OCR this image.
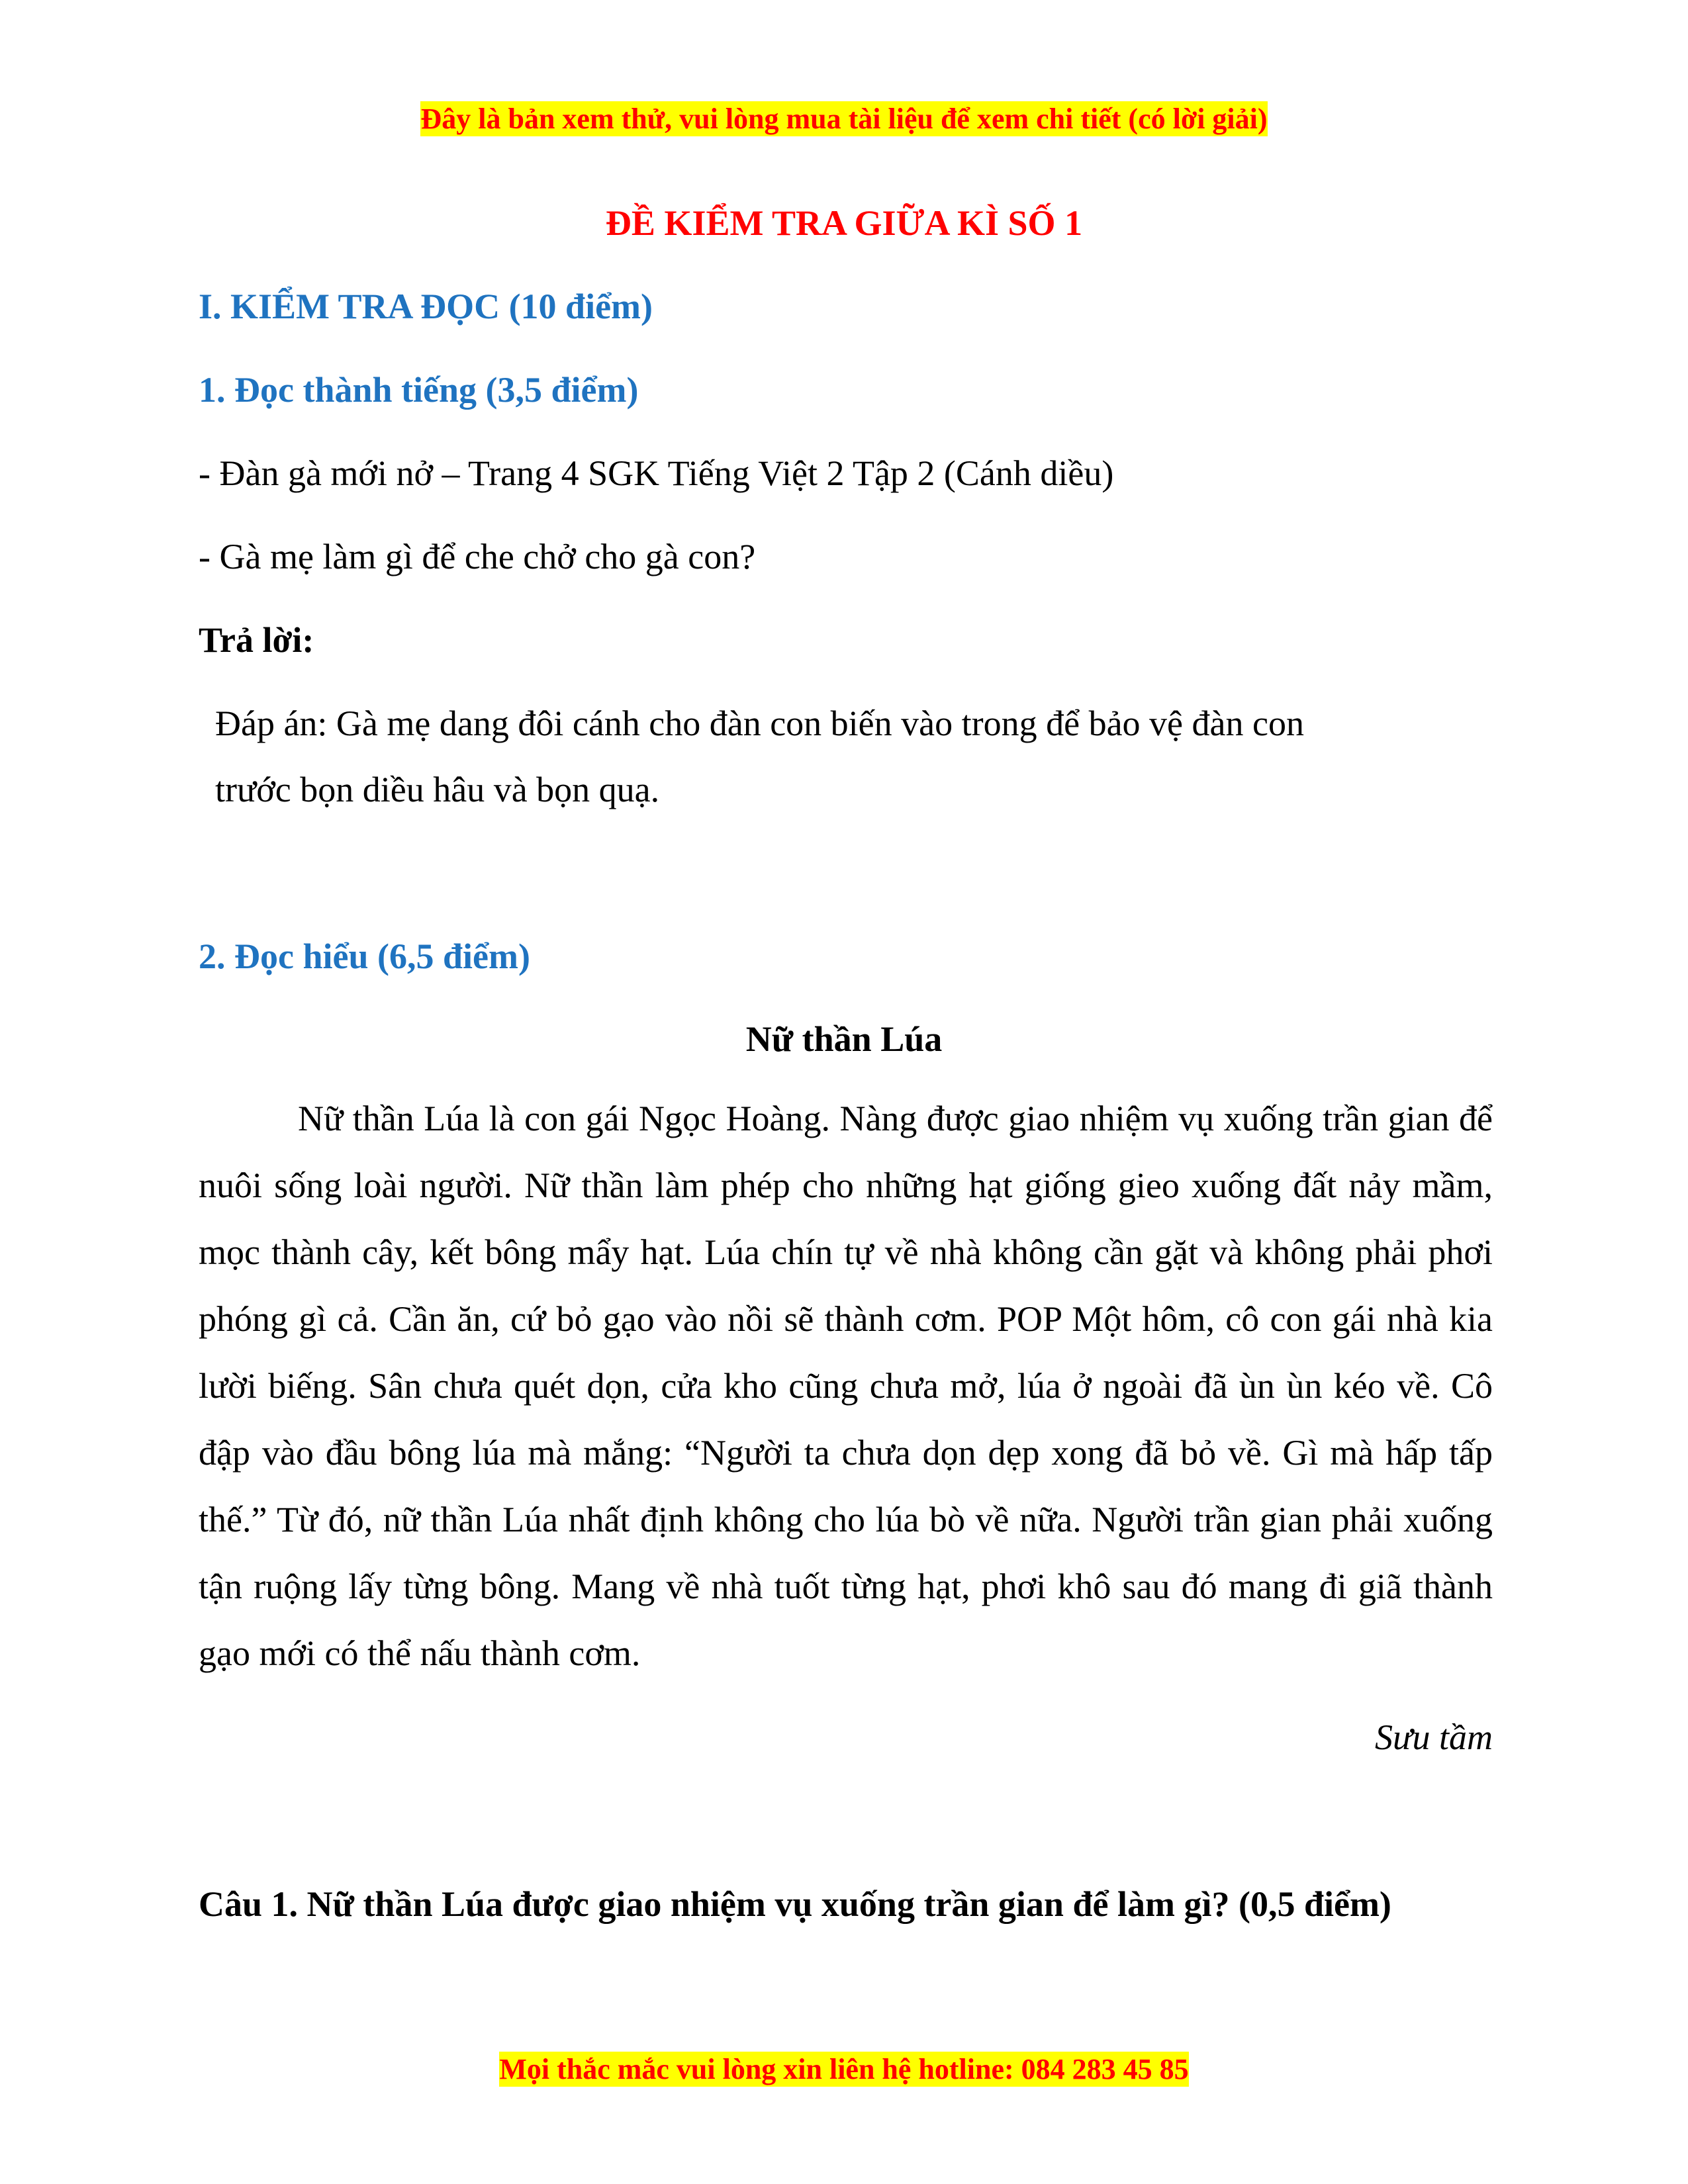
Đây là bản xem thử, vui lòng mua tài liệu để xem chi tiết (có lời giải)
ĐỀ KIỂM TRA GIỮA KÌ SỐ 1
I. KIỂM TRA ĐỌC (10 điểm)
1. Đọc thành tiếng (3,5 điểm)
- Đàn gà mới nở – Trang 4 SGK Tiếng Việt 2 Tập 2 (Cánh diều)
- Gà mẹ làm gì để che chở cho gà con?
Trả lời:
Đáp án: Gà mẹ dang đôi cánh cho đàn con biến vào trong để bảo vệ đàn con
trước bọn diều hâu và bọn quạ.
2. Đọc hiểu (6,5 điểm)
Nữ thần Lúa

Nữ thần Lúa là con gái Ngọc Hoàng. Nàng được giao nhiệm vụ xuống trần gian để nuôi sống loài người. Nữ thần làm phép cho những hạt giống gieo xuống đất nảy mầm, mọc thành cây, kết bông mẩy hạt. Lúa chín tự về nhà không cần gặt và không phải phơi phóng gì cả. Cần ăn, cứ bỏ gạo vào nồi sẽ thành cơm. POP Một hôm, cô con gái nhà kia lười biếng. Sân chưa quét dọn, cửa kho cũng chưa mở, lúa ở ngoài đã ùn ùn kéo về. Cô đập vào đầu bông lúa mà mắng: “Người ta chưa dọn dẹp xong đã bỏ về. Gì mà hấp tấp thế.” Từ đó, nữ thần Lúa nhất định không cho lúa bò về nữa. Người trần gian phải xuống tận ruộng lấy từng bông. Mang về nhà tuốt từng hạt, phơi khô sau đó mang đi giã thành gạo mới có thể nấu thành cơm.

Sưu tầm
Câu 1. Nữ thần Lúa được giao nhiệm vụ xuống trần gian để làm gì? (0,5 điểm)
Mọi thắc mắc vui lòng xin liên hệ hotline: 084 283 45 85
